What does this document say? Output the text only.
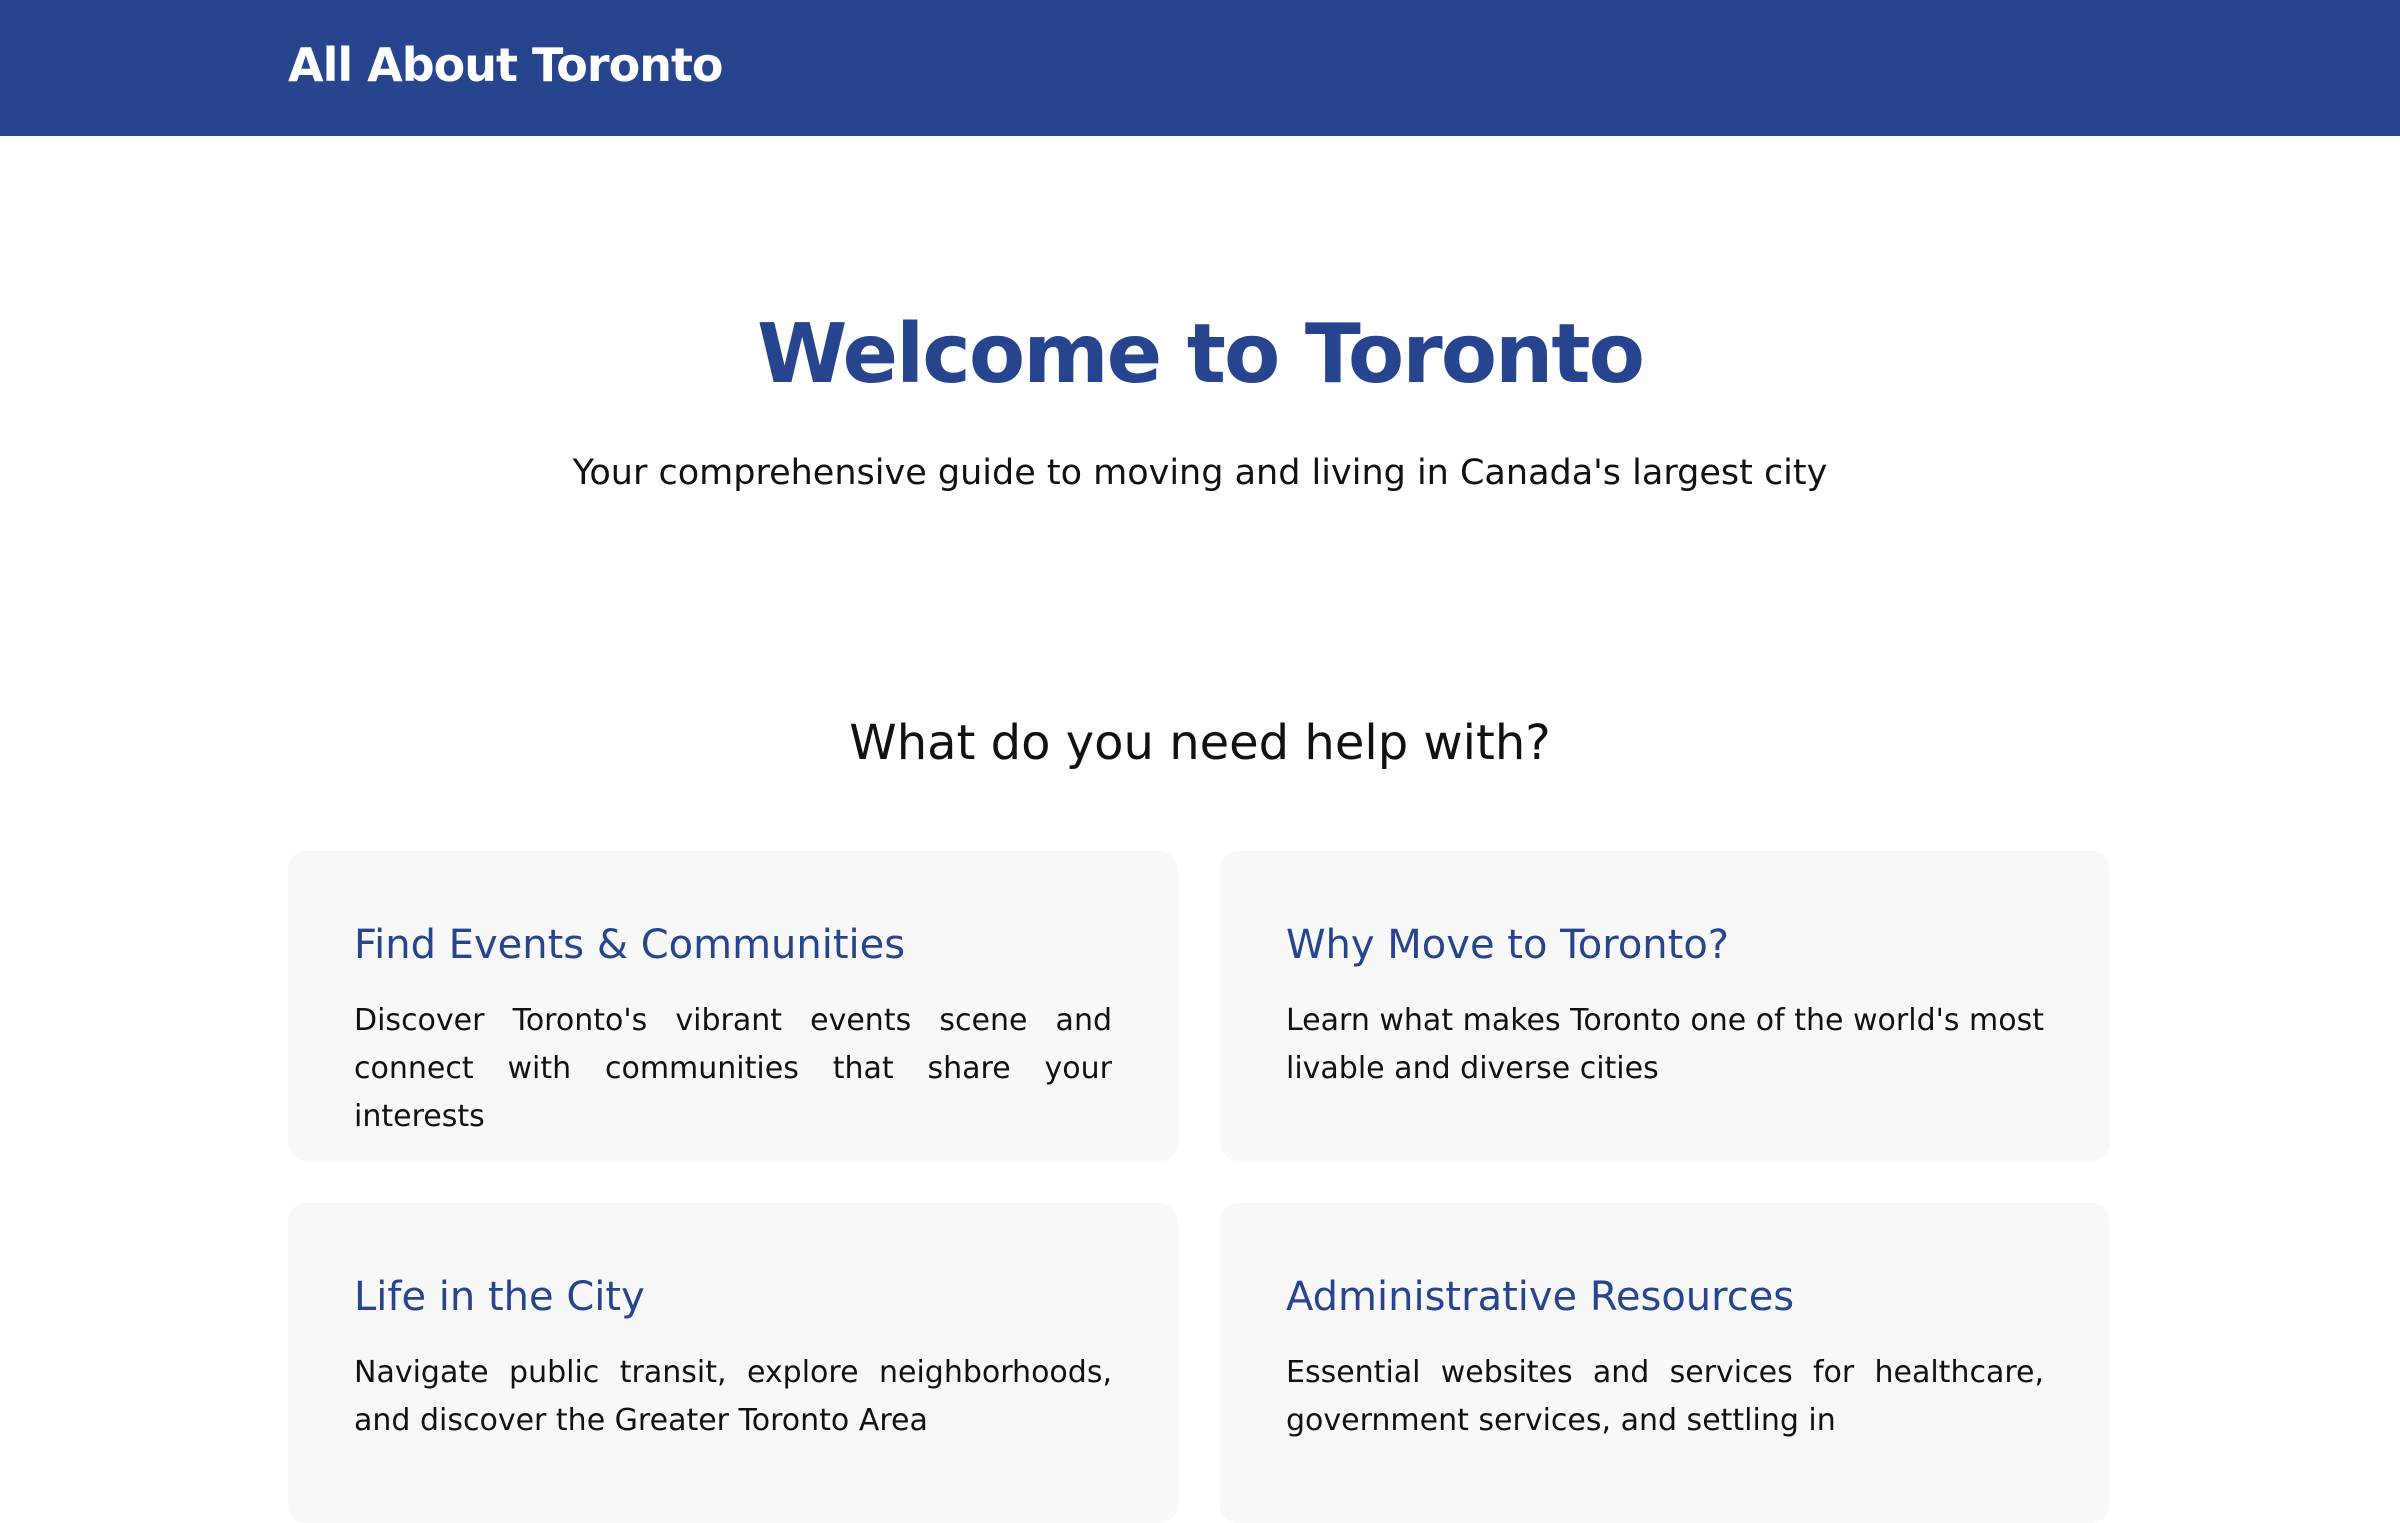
All About Toronto
Welcome to Toronto

Your comprehensive guide to moving and living in Canada's largest city

What do you need help with?
Find Events & Communities

Discover Toronto's vibrant events scene and connect with communities that share your interests

Why Move to Toronto?

Learn what makes Toronto one of the world's most livable and diverse cities

Life in the City

Navigate public transit, explore neighborhoods, and discover the Greater Toronto Area

Administrative Resources

Essential websites and services for healthcare, government services, and settling in
